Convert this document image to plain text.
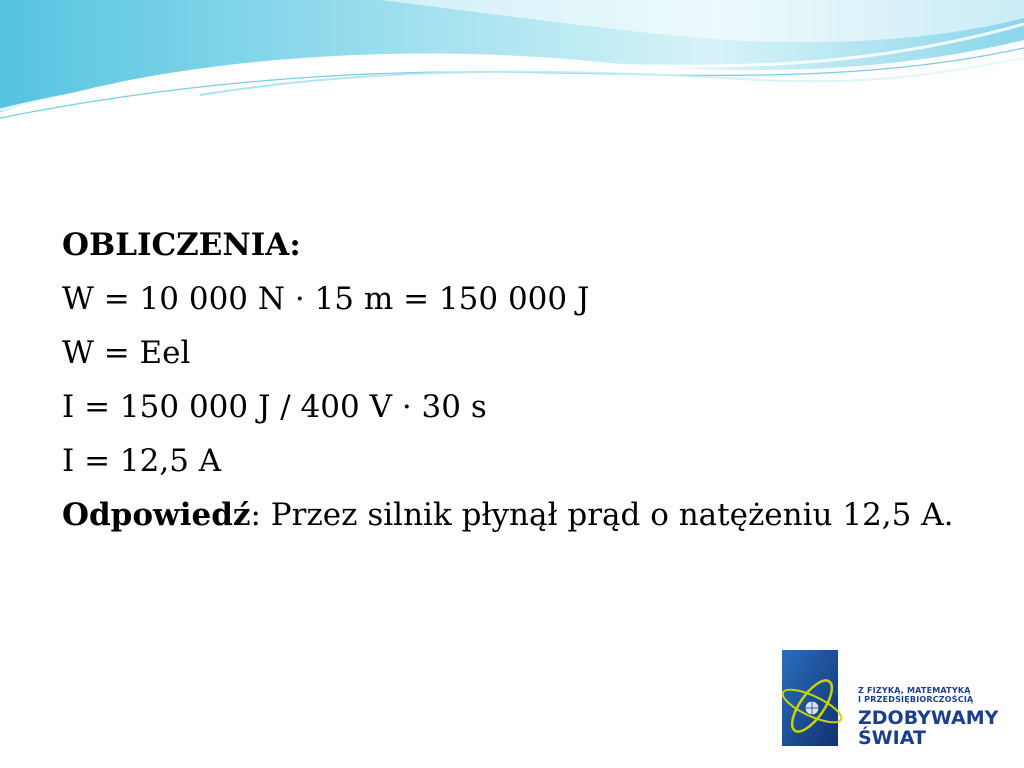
OBLICZENIA:
W = 10 000 N · 15 m = 150 000 J
W = Eel
I = 150 000 J / 400 V · 30 s
I = 12,5 A
Odpowiedź: Przez silnik płynął prąd o natężeniu 12,5 A.
Z FIZYKĄ, MATEMATYKĄ
I PRZEDSIĘBIORCZOŚCIĄ
ZDOBYWAMY
ŚWIAT
